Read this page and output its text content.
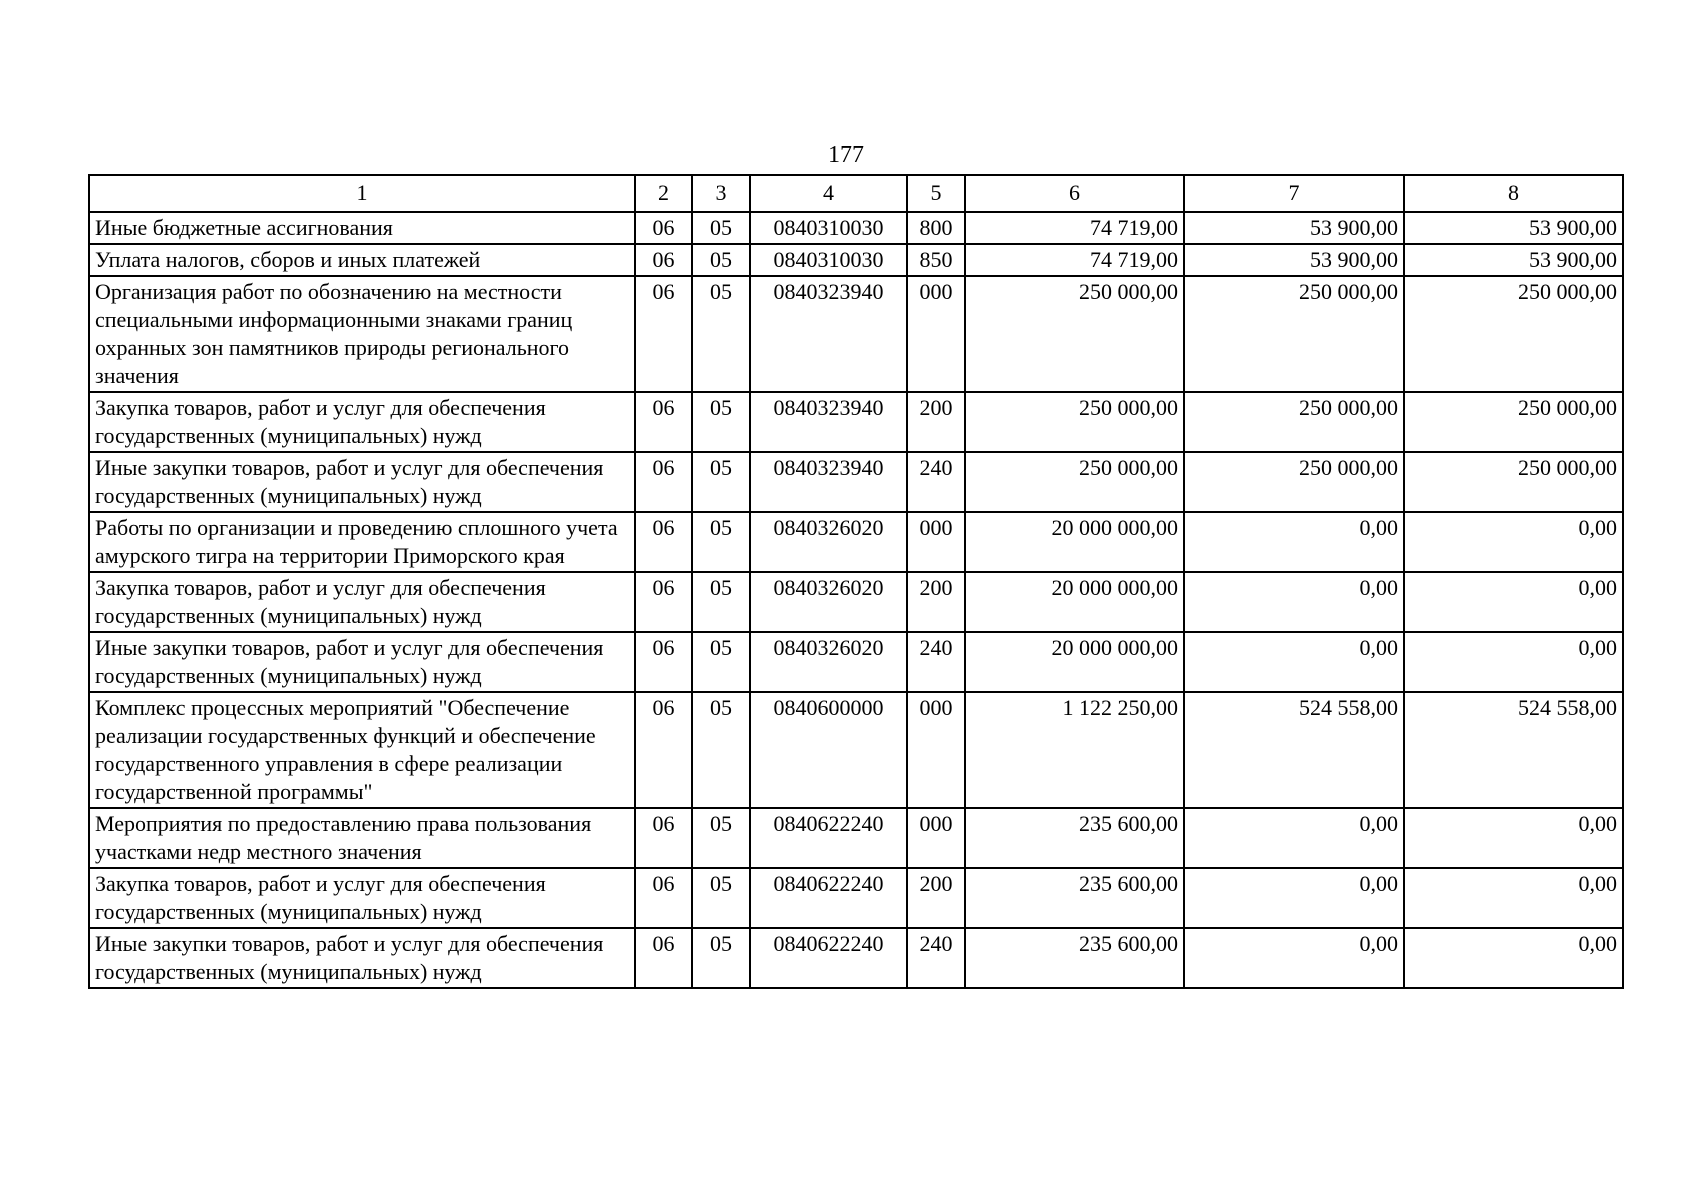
177
1	2	3	4	5	6	7	8
Иные бюджетные ассигнования	06	05	0840310030	800	74 719,00	53 900,00	53 900,00
Уплата налогов, сборов и иных платежей	06	05	0840310030	850	74 719,00	53 900,00	53 900,00
Организация работ по обозначению на местности специальными информационными знаками границ охранных зон памятников природы регионального значения	06	05	0840323940	000	250 000,00	250 000,00	250 000,00
Закупка товаров, работ и услуг для обеспечения государственных (муниципальных) нужд	06	05	0840323940	200	250 000,00	250 000,00	250 000,00
Иные закупки товаров, работ и услуг для обеспечения государственных (муниципальных) нужд	06	05	0840323940	240	250 000,00	250 000,00	250 000,00
Работы по организации и проведению сплошного учета амурского тигра на территории Приморского края	06	05	0840326020	000	20 000 000,00	0,00	0,00
Закупка товаров, работ и услуг для обеспечения государственных (муниципальных) нужд	06	05	0840326020	200	20 000 000,00	0,00	0,00
Иные закупки товаров, работ и услуг для обеспечения государственных (муниципальных) нужд	06	05	0840326020	240	20 000 000,00	0,00	0,00
Комплекс процессных мероприятий "Обеспечение реализации государственных функций и обеспечение государственного управления в сфере реализации государственной программы"	06	05	0840600000	000	1 122 250,00	524 558,00	524 558,00
Мероприятия по предоставлению права пользования участками недр местного значения	06	05	0840622240	000	235 600,00	0,00	0,00
Закупка товаров, работ и услуг для обеспечения государственных (муниципальных) нужд	06	05	0840622240	200	235 600,00	0,00	0,00
Иные закупки товаров, работ и услуг для обеспечения государственных (муниципальных) нужд	06	05	0840622240	240	235 600,00	0,00	0,00
